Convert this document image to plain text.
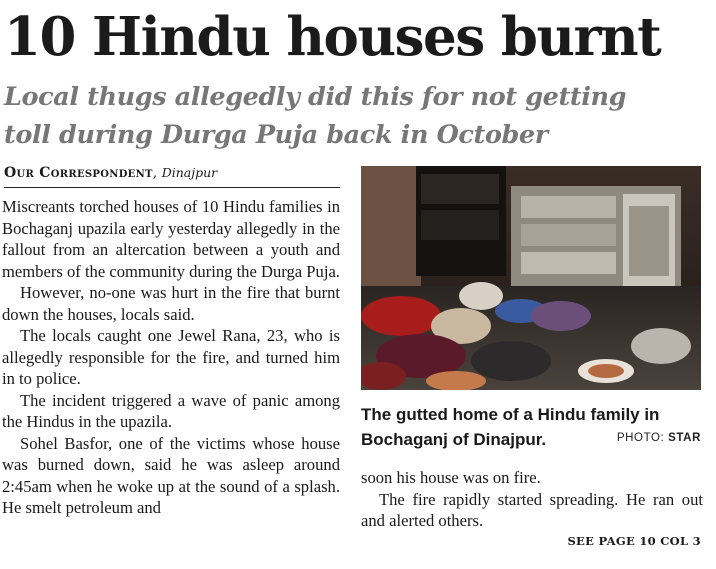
10 Hindu houses burnt
Local thugs allegedly did this for not getting
toll during Durga Puja back in October
Our Correspondent, Dinajpur

Miscreants torched houses of 10 Hindu families in Bochaganj upazila early yesterday allegedly in the fallout from an altercation between a youth and members of the community during the Durga Puja.

However, no-one was hurt in the fire that burnt down the houses, locals said.

The locals caught one Jewel Rana, 23, who is allegedly responsible for the fire, and turned him in to police.

The incident triggered a wave of panic among the Hindus in the upazila.

Sohel Basfor, one of the victims whose house was burned down, said he was asleep around 2:45am when he woke up at the sound of a splash. He smelt petroleum and

The gutted home of a Hindu family in
Bochaganj of Dinajpur.	PHOTO: STAR

soon his house was on fire.

The fire rapidly started spreading. He ran out and alerted others.

SEE PAGE 10 COL 3
